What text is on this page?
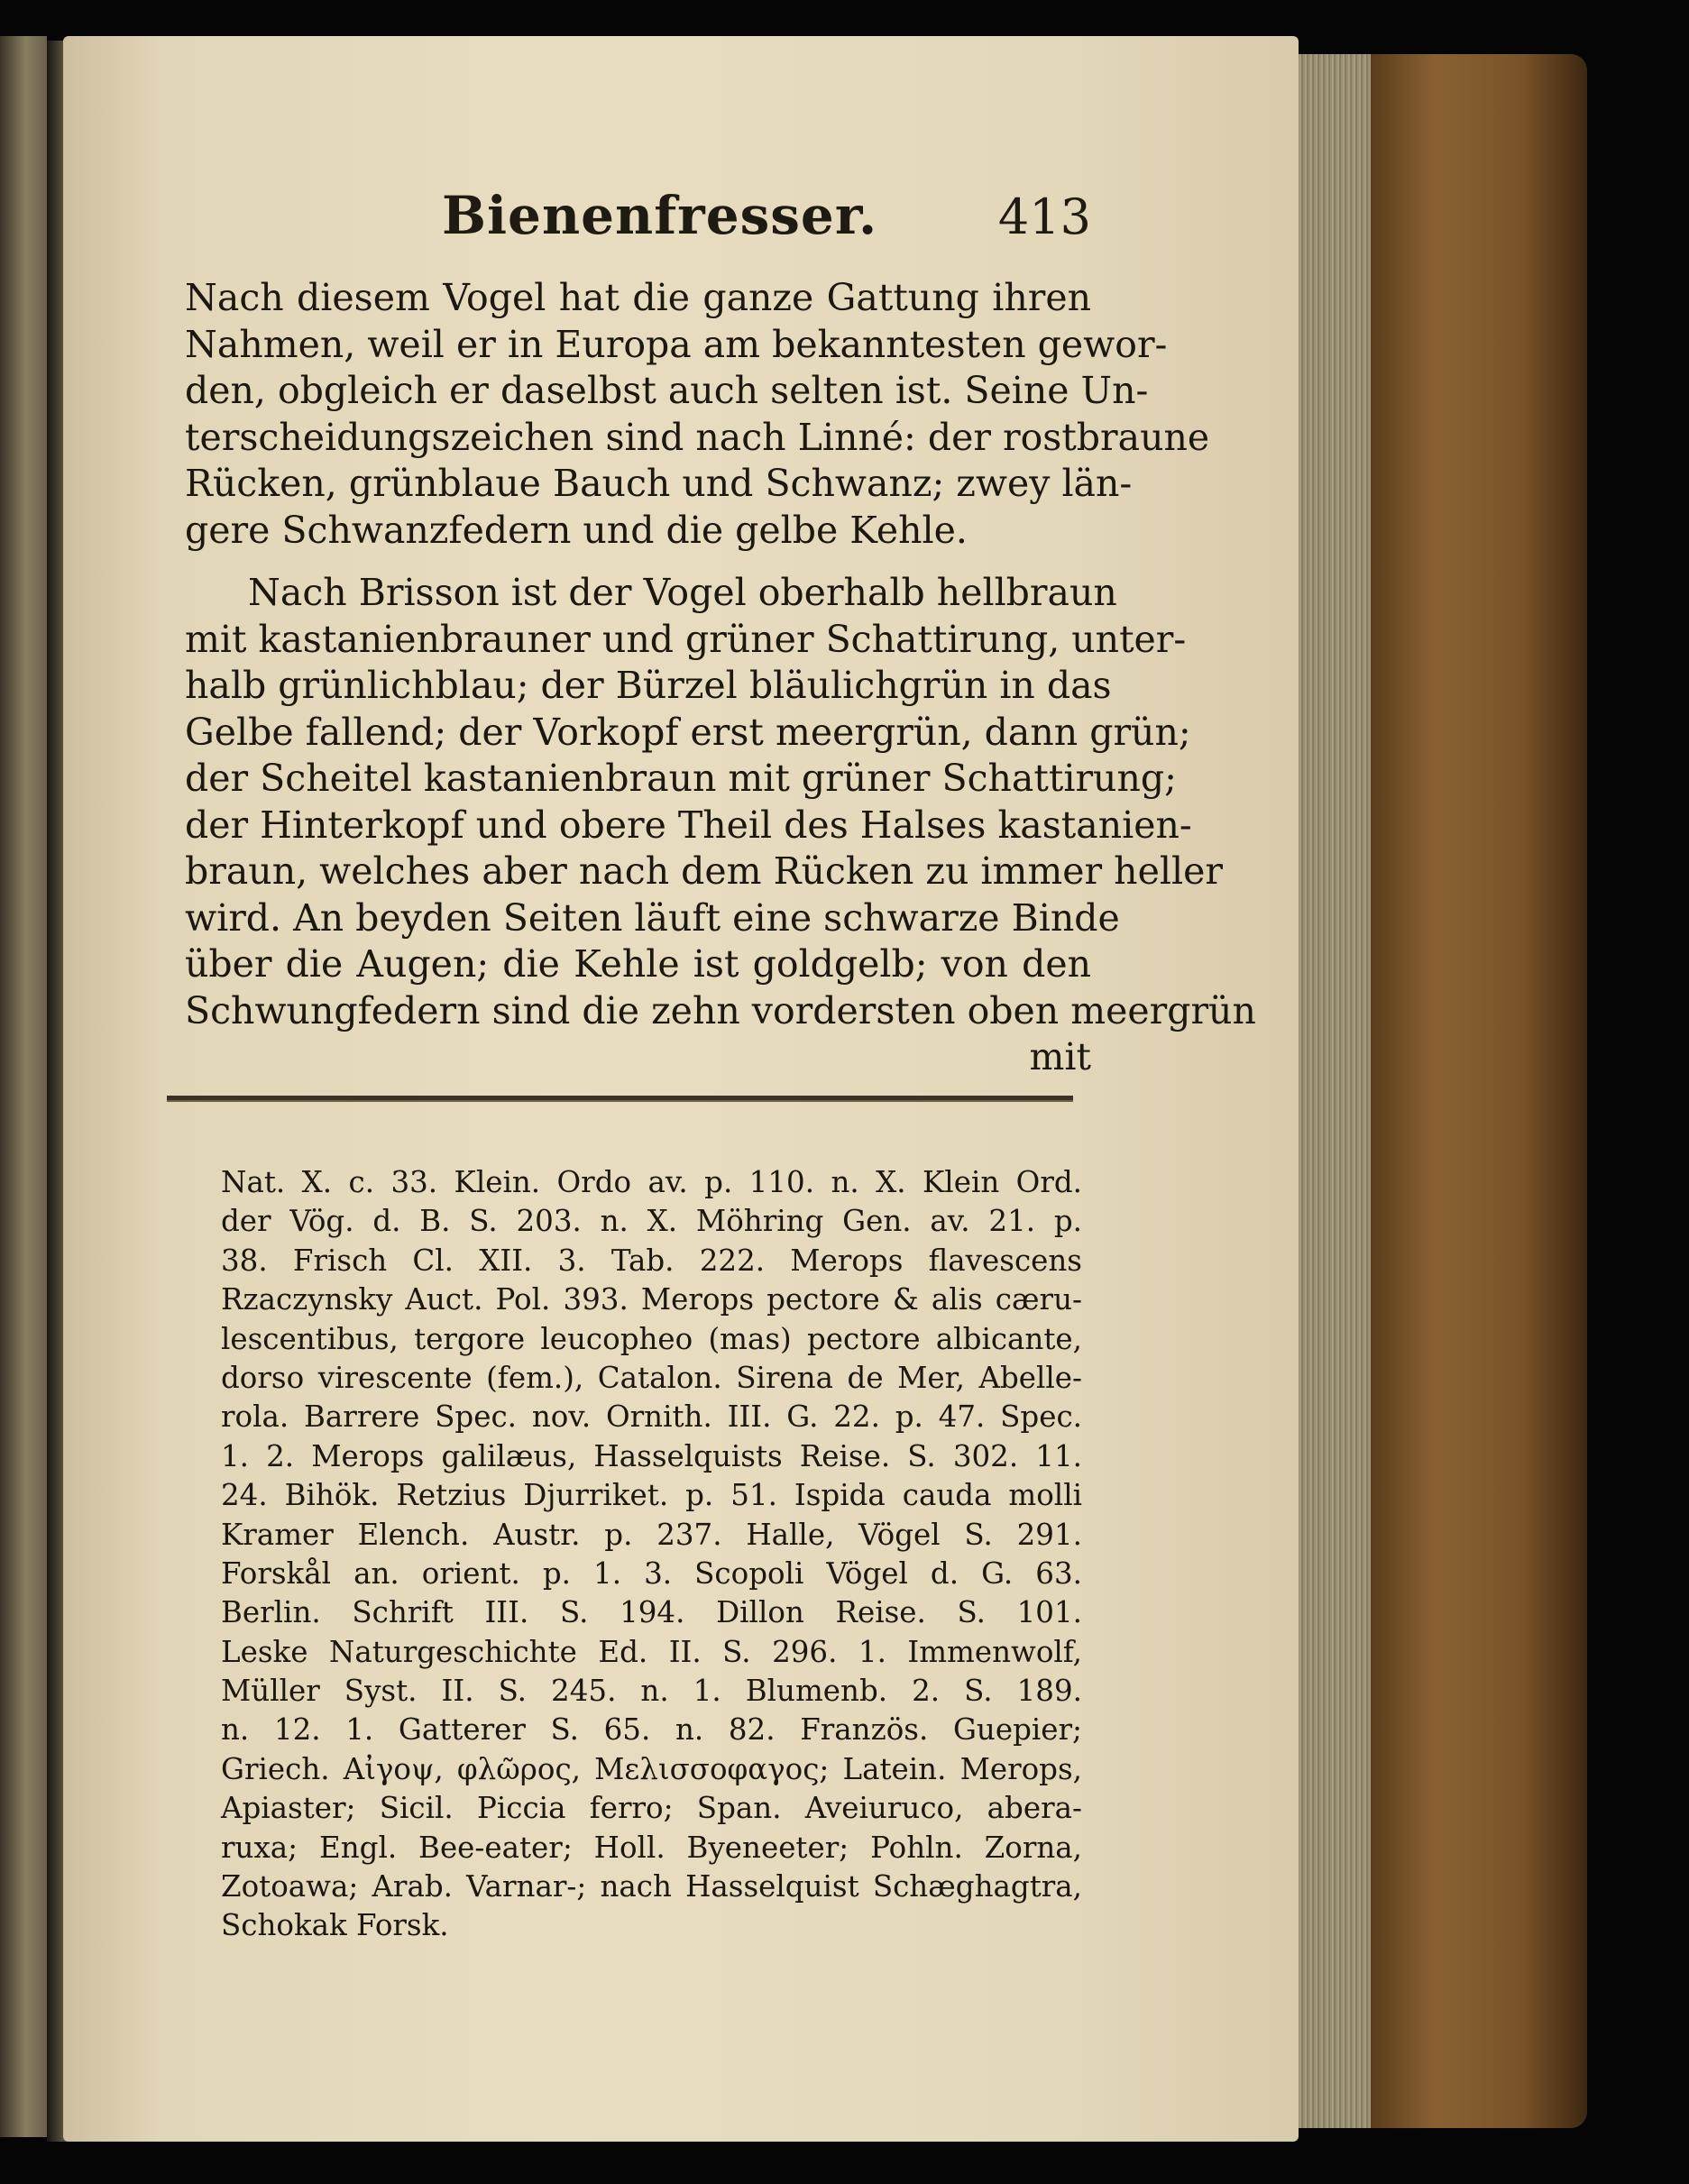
Bienenfresser. 413
Nach diesem Vogel hat die ganze Gattung ihren
Nahmen, weil er in Europa am bekanntesten gewor-
den, obgleich er daselbst auch selten ist. Seine Un-
terscheidungszeichen sind nach Linné: der rostbraune
Rücken, grünblaue Bauch und Schwanz; zwey län-
gere Schwanzfedern und die gelbe Kehle.
Nach Brisson ist der Vogel oberhalb hellbraun
mit kastanienbrauner und grüner Schattirung, unter-
halb grünlichblau; der Bürzel bläulichgrün in das
Gelbe fallend; der Vorkopf erst meergrün, dann grün;
der Scheitel kastanienbraun mit grüner Schattirung;
der Hinterkopf und obere Theil des Halses kastanien-
braun, welches aber nach dem Rücken zu immer heller
wird. An beyden Seiten läuft eine schwarze Binde
über die Augen; die Kehle ist goldgelb; von den
Schwungfedern sind die zehn vordersten oben meergrün
mit
Nat. X. c. 33. Klein. Ordo av. p. 110. n. X. Klein Ord.
der Vög. d. B. S. 203. n. X. Möhring Gen. av. 21. p.
38. Frisch Cl. XII. 3. Tab. 222. Merops flavescens
Rzaczynsky Auct. Pol. 393. Merops pectore & alis cæru-
lescentibus, tergore leucopheo (mas) pectore albicante,
dorso virescente (fem.), Catalon. Sirena de Mer, Abelle-
rola. Barrere Spec. nov. Ornith. III. G. 22. p. 47. Spec.
1. 2. Merops galilæus, Hasselquists Reise. S. 302. 11.
24. Bihök. Retzius Djurriket. p. 51. Ispida cauda molli
Kramer Elench. Austr. p. 237. Halle, Vögel S. 291.
Forskål an. orient. p. 1. 3. Scopoli Vögel d. G. 63.
Berlin. Schrift III. S. 194. Dillon Reise. S. 101.
Leske Naturgeschichte Ed. II. S. 296. 1. Immenwolf,
Müller Syst. II. S. 245. n. 1. Blumenb. 2. S. 189.
n. 12. 1. Gatterer S. 65. n. 82. Französ. Guepier;
Griech. Αἰγοψ, φλῶρος, Μελισσοφαγος; Latein. Merops,
Apiaster; Sicil. Piccia ferro; Span. Aveiuruco, abera-
ruxa; Engl. Bee-eater; Holl. Byeneeter; Pohln. Zorna,
Zotoawa; Arab. Varnar-; nach Hasselquist Schæghagtra,
Schokak Forsk.
